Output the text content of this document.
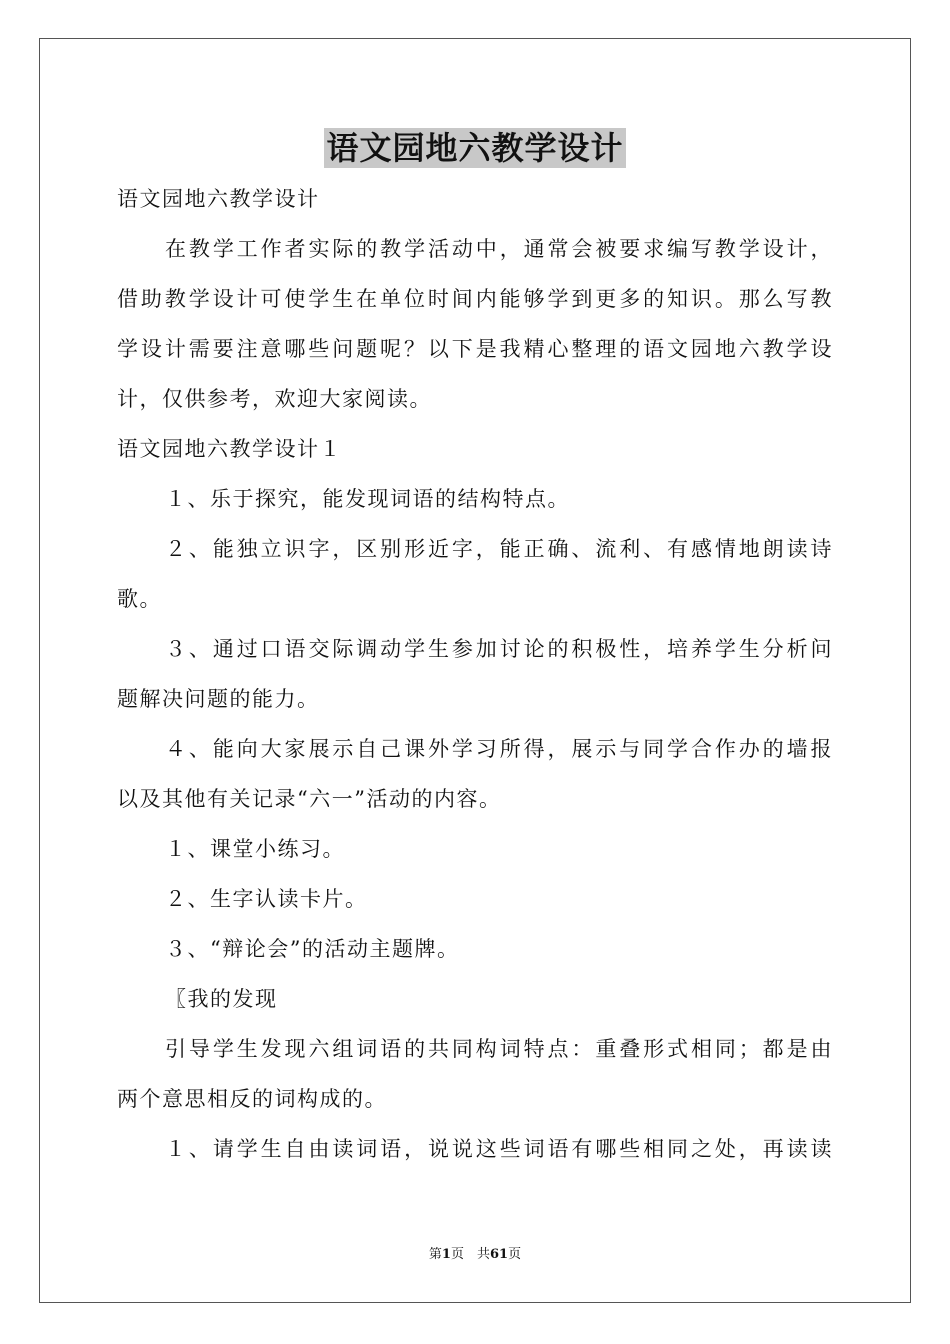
语文园地六教学设计
语文园地六教学设计
在教学工作者实际的教学活动中，通常会被要求编写教学设计，
借助教学设计可使学生在单位时间内能够学到更多的知识。那么写教
学设计需要注意哪些问题呢？以下是我精心整理的语文园地六教学设
计，仅供参考，欢迎大家阅读。
语文园地六教学设计１
１、乐于探究，能发现词语的结构特点。
２、能独立识字，区别形近字，能正确、流利、有感情地朗读诗
歌。
３、通过口语交际调动学生参加讨论的积极性，培养学生分析问
题解决问题的能力。
４、能向大家展示自己课外学习所得，展示与同学合作办的墙报
以及其他有关记录“六一”活动的内容。
１、课堂小练习。
２、生字认读卡片。
３、“辩论会”的活动主题牌。
〖我的发现
引导学生发现六组词语的共同构词特点：重叠形式相同；都是由
两个意思相反的词构成的。
１、请学生自由读词语，说说这些词语有哪些相同之处，再读读
第1页　共61页
